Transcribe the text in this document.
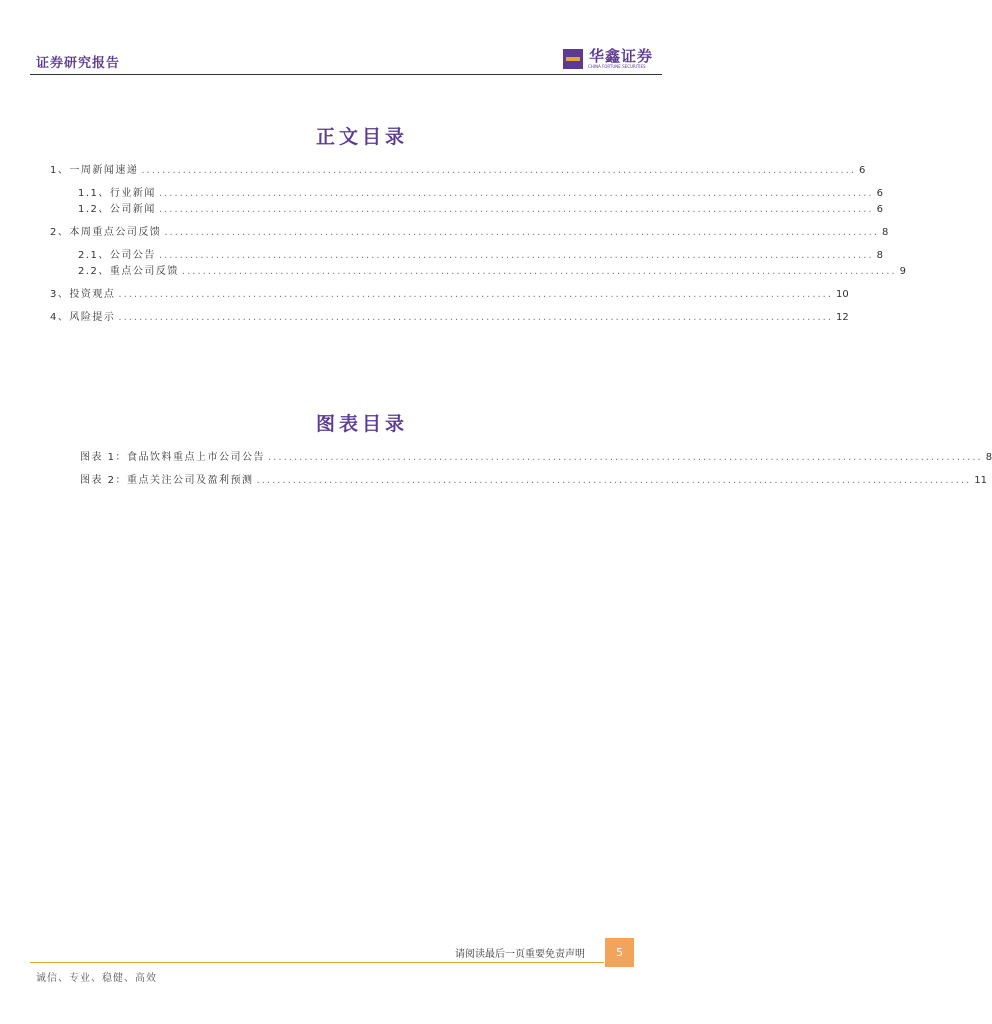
证券研究报告	华鑫证券
CHINA FORTUNE SECURITIES
正文目录
1、一周新闻速递 .......................................................................................................................................... 6
1.1、行业新闻 .......................................................................................................................................... 6
1.2、公司新闻 .......................................................................................................................................... 6
2、本周重点公司反馈 .......................................................................................................................................... 8
2.1、公司公告 .......................................................................................................................................... 8
2.2、重点公司反馈 .......................................................................................................................................... 9
3、投资观点 .......................................................................................................................................... 10
4、风险提示 .......................................................................................................................................... 12
图表目录
图表 1：食品饮料重点上市公司公告 .......................................................................................................................................... 8
图表 2：重点关注公司及盈利预测 .......................................................................................................................................... 11
请阅读最后一页重要免责声明	5
诚信、专业、稳健、高效
